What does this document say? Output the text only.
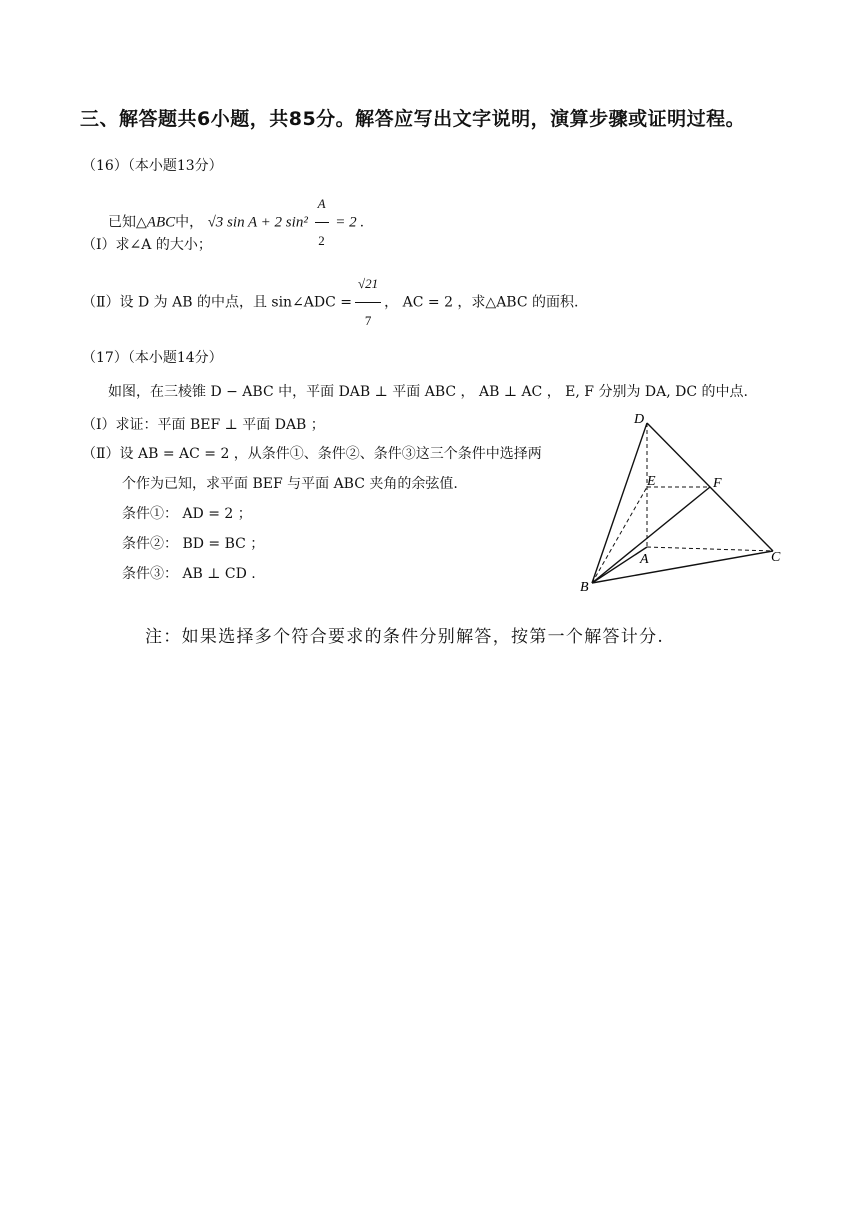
三、解答题共6小题，共85分。解答应写出文字说明，演算步骤或证明过程。
（16）（本小题13分）
已知△ABC中， √3 sin A + 2 $\sin^2 \frac{A}{2} = 2$ .
（Ⅰ）求∠A 的大小；
（Ⅱ）设 D 为 AB 的中点，且 sin∠ADC = $\frac{√21}{7}$ ， AC = 2 ，求△ABC 的面积.
（17）（本小题14分）
如图，在三棱锥 D − ABC 中，平面 DAB ⊥ 平面 ABC ， AB ⊥ AC ， E, F 分别为 DA, DC 的中点.
（Ⅰ）求证：平面 BEF ⊥ 平面 DAB ；
（Ⅱ）设 AB = AC = 2 ，从条件①、条件②、条件③这三个条件中选择两
个作为已知，求平面 BEF 与平面 ABC 夹角的余弦值.
条件①： AD = 2 ；
条件②： BD = BC ；
条件③： AB ⊥ CD .
D
E	F
A
B
C
注：如果选择多个符合要求的条件分别解答，按第一个解答计分.
